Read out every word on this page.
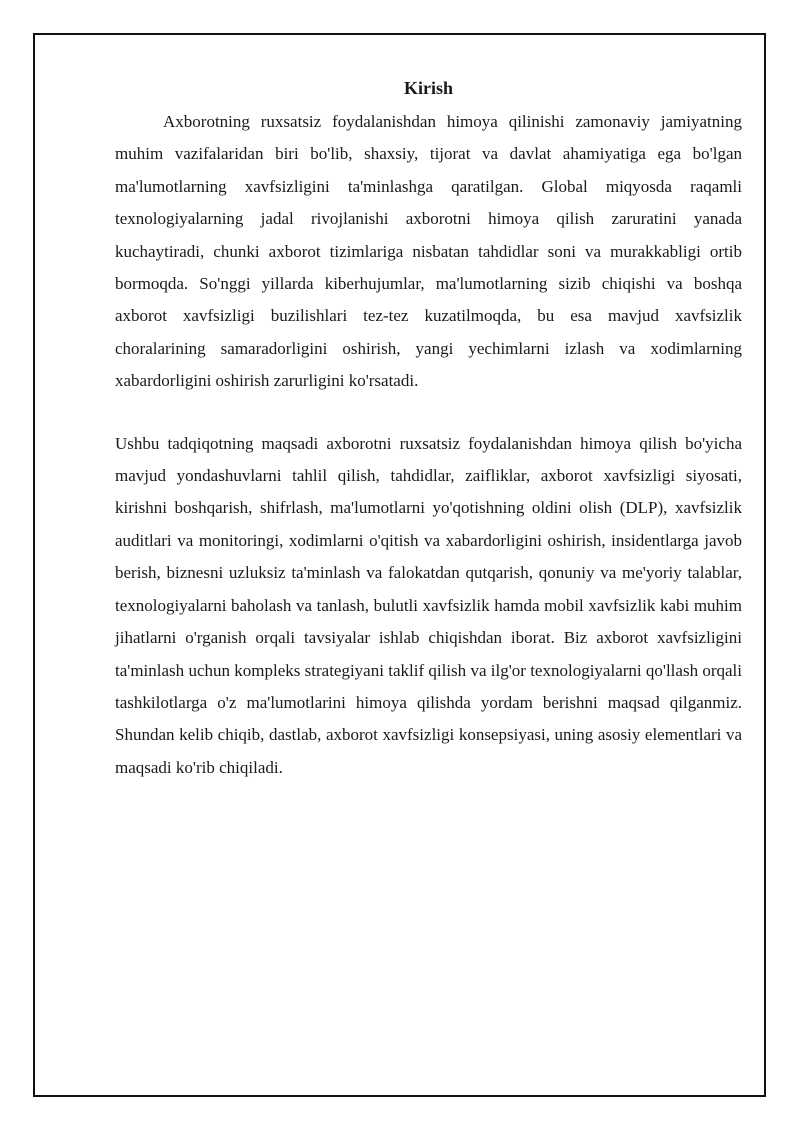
Kirish

Axborotning ruxsatsiz foydalanishdan himoya qilinishi zamonaviy jamiyatning muhim vazifalaridan biri bo'lib, shaxsiy, tijorat va davlat ahamiyatiga ega bo'lgan ma'lumotlarning xavfsizligini ta'minlashga qaratilgan. Global miqyosda raqamli texnologiyalarning jadal rivojlanishi axborotni himoya qilish zaruratini yanada kuchaytiradi, chunki axborot tizimlariga nisbatan tahdidlar soni va murakkabligi ortib bormoqda. So'nggi yillarda kiberhujumlar, ma'lumotlarning sizib chiqishi va boshqa axborot xavfsizligi buzilishlari tez-tez kuzatilmoqda, bu esa mavjud xavfsizlik choralarining samaradorligini oshirish, yangi yechimlarni izlash va xodimlarning xabardorligini oshirish zarurligini ko'rsatadi.

Ushbu tadqiqotning maqsadi axborotni ruxsatsiz foydalanishdan himoya qilish bo'yicha mavjud yondashuvlarni tahlil qilish, tahdidlar, zaifliklar, axborot xavfsizligi siyosati, kirishni boshqarish, shifrlash, ma'lumotlarni yo'qotishning oldini olish (DLP), xavfsizlik auditlari va monitoringi, xodimlarni o'qitish va xabardorligini oshirish, insidentlarga javob berish, biznesni uzluksiz ta'minlash va falokatdan qutqarish, qonuniy va me'yoriy talablar, texnologiyalarni baholash va tanlash, bulutli xavfsizlik hamda mobil xavfsizlik kabi muhim jihatlarni o'rganish orqali tavsiyalar ishlab chiqishdan iborat. Biz axborot xavfsizligini ta'minlash uchun kompleks strategiyani taklif qilish va ilg'or texnologiyalarni qo'llash orqali tashkilotlarga o'z ma'lumotlarini himoya qilishda yordam berishni maqsad qilganmiz. Shundan kelib chiqib, dastlab, axborot xavfsizligi konsepsiyasi, uning asosiy elementlari va maqsadi ko'rib chiqiladi.
